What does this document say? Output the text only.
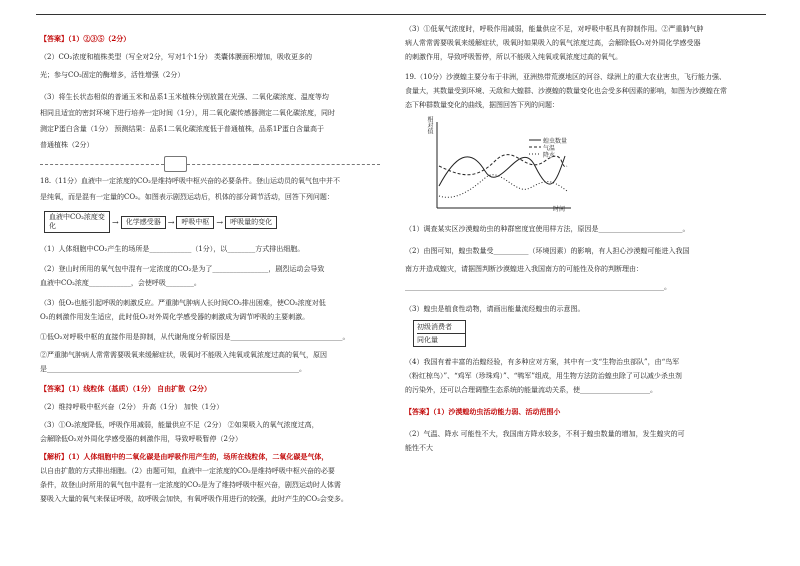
【答案】（1）②③⑤（2分）

（2）CO₂浓度和植株类型（写全对2分，写对1个1分） 类囊体膜面积增加，吸收更多的

光；参与CO₂固定的酶增多，活性增强（2分）

（3）将生长状态相似的普通玉米和品系1玉米植株分别放置在光强、二氧化碳浓度、温度等均

相同且适宜的密封环境下进行培养一定时间（1分），用二氧化碳传感器测定二氧化碳浓度，同时

测定P蛋白含量（1分） 预测结果：品系1二氧化碳浓度低于普通植株，品系1P蛋白含量高于

普通植株（2分）

18.（11分）血液中一定浓度的CO₂是维持呼吸中枢兴奋的必要条件。登山运动员的氧气包中并不

是纯氧，而是混有一定量的CO₂。如图表示剧烈运动后，机体的部分调节活动，回答下列问题：

血液中CO₂浓度变化	→	化学感受器 →	呼吸中枢 →	呼吸量的变化

（1）人体细胞中CO₂产生的场所是____________（1分），以________方式排出细胞。

（2）登山时所用的氧气包中混有一定浓度的CO₂是为了________________，剧烈运动会导致

血液中CO₂浓度____________，会使呼吸________。

（3）低O₂也能引起呼吸的刺激反应。严重肺气肿病人长时间CO₂排出困难，使CO₂浓度对低

O₂的刺激作用发生适应，此时低O₂对外周化学感受器的刺激成为调节呼吸的主要刺激。

①低O₂对呼吸中枢的直接作用是抑制，从代谢角度分析原因是________________________________。

②严重肺气肿病人常常需要吸氧来缓解症状，吸氧时不能吸入纯氧或氧浓度过高的氧气，原因

是________________________________________________________________________。

【答案】（1）线粒体（基质）（1分） 自由扩散（2分）

（2）维持呼吸中枢兴奋（2分） 升高（1分） 加快（1分）

（3）①O₂浓度降低，呼吸作用减弱，能量供应不足（2分） ②如果吸入的氧气浓度过高，

会解除低O₂对外周化学感受器的刺激作用，导致呼吸暂停（2分）

【解析】（1）人体细胞中的二氧化碳是由呼吸作用产生的，场所在线粒体，二氧化碳是气体，

以自由扩散的方式排出细胞。（2）由题可知，血液中一定浓度的CO₂是维持呼吸中枢兴奋的必要

条件，故登山时所用的氧气包中混有一定浓度的CO₂是为了维持呼吸中枢兴奋，剧烈运动时人体需

要吸入大量的氧气来保证呼吸，故呼吸会加快，有氧呼吸作用进行的较强，此时产生的CO₂会变多。

（3）①低氧气浓度时，呼吸作用减弱，能量供应不足，对呼吸中枢具有抑制作用。②严重肺气肿

病人常常需要吸氧来缓解症状，吸氧时如果吸入的氧气浓度过高，会解除低O₂对外周化学感受器

的刺激作用，导致呼吸暂停，所以不能吸入纯氧或氧浓度过高的氧气。

19.（10分）沙漠蝗主要分布于非洲，亚洲热带荒漠地区的河谷、绿洲上的重大农业害虫，飞行能力强、

食量大，其数量受到环境、天敌和大蝗群、沙漠蝗的数量变化也会受多种因素的影响，如图为沙漠蝗在常

态下种群数量变化的曲线，据图回答下列的问题：

相对值
时间
蝗虫数量
气温
降水

（1）调查某实区沙漠蝗幼虫的种群密度宜使用样方法，原因是________________________。

（2）由图可知，蝗虫数量受__________（环境因素）的影响，有人担心沙漠蝗可能进入我国

南方并造成蝗灾，请据图判断沙漠蝗进入我国南方的可能性及你的判断理由：

__________________________________________________________________________。

（3）蝗虫是植食性动物，请画出能量流经蝗虫的示意图。

初级消费者
同化量

（4）我国有着丰富的治蝗经验，有多种应对方案，其中有一支“生物治虫部队”，由“鸟军

（粉红椋鸟）”、“鸡军（珍珠鸡）”、“鸭军”组成，用生物方法防治蝗虫除了可以减少杀虫剂

的污染外，还可以合理调整生态系统的能量流动关系，使____________________。

【答案】（1）沙漠蝗幼虫活动能力弱、活动范围小

（2）气温、降水 可能性不大，我国南方降水较多，不利于蝗虫数量的增加，发生蝗灾的可

能性不大
